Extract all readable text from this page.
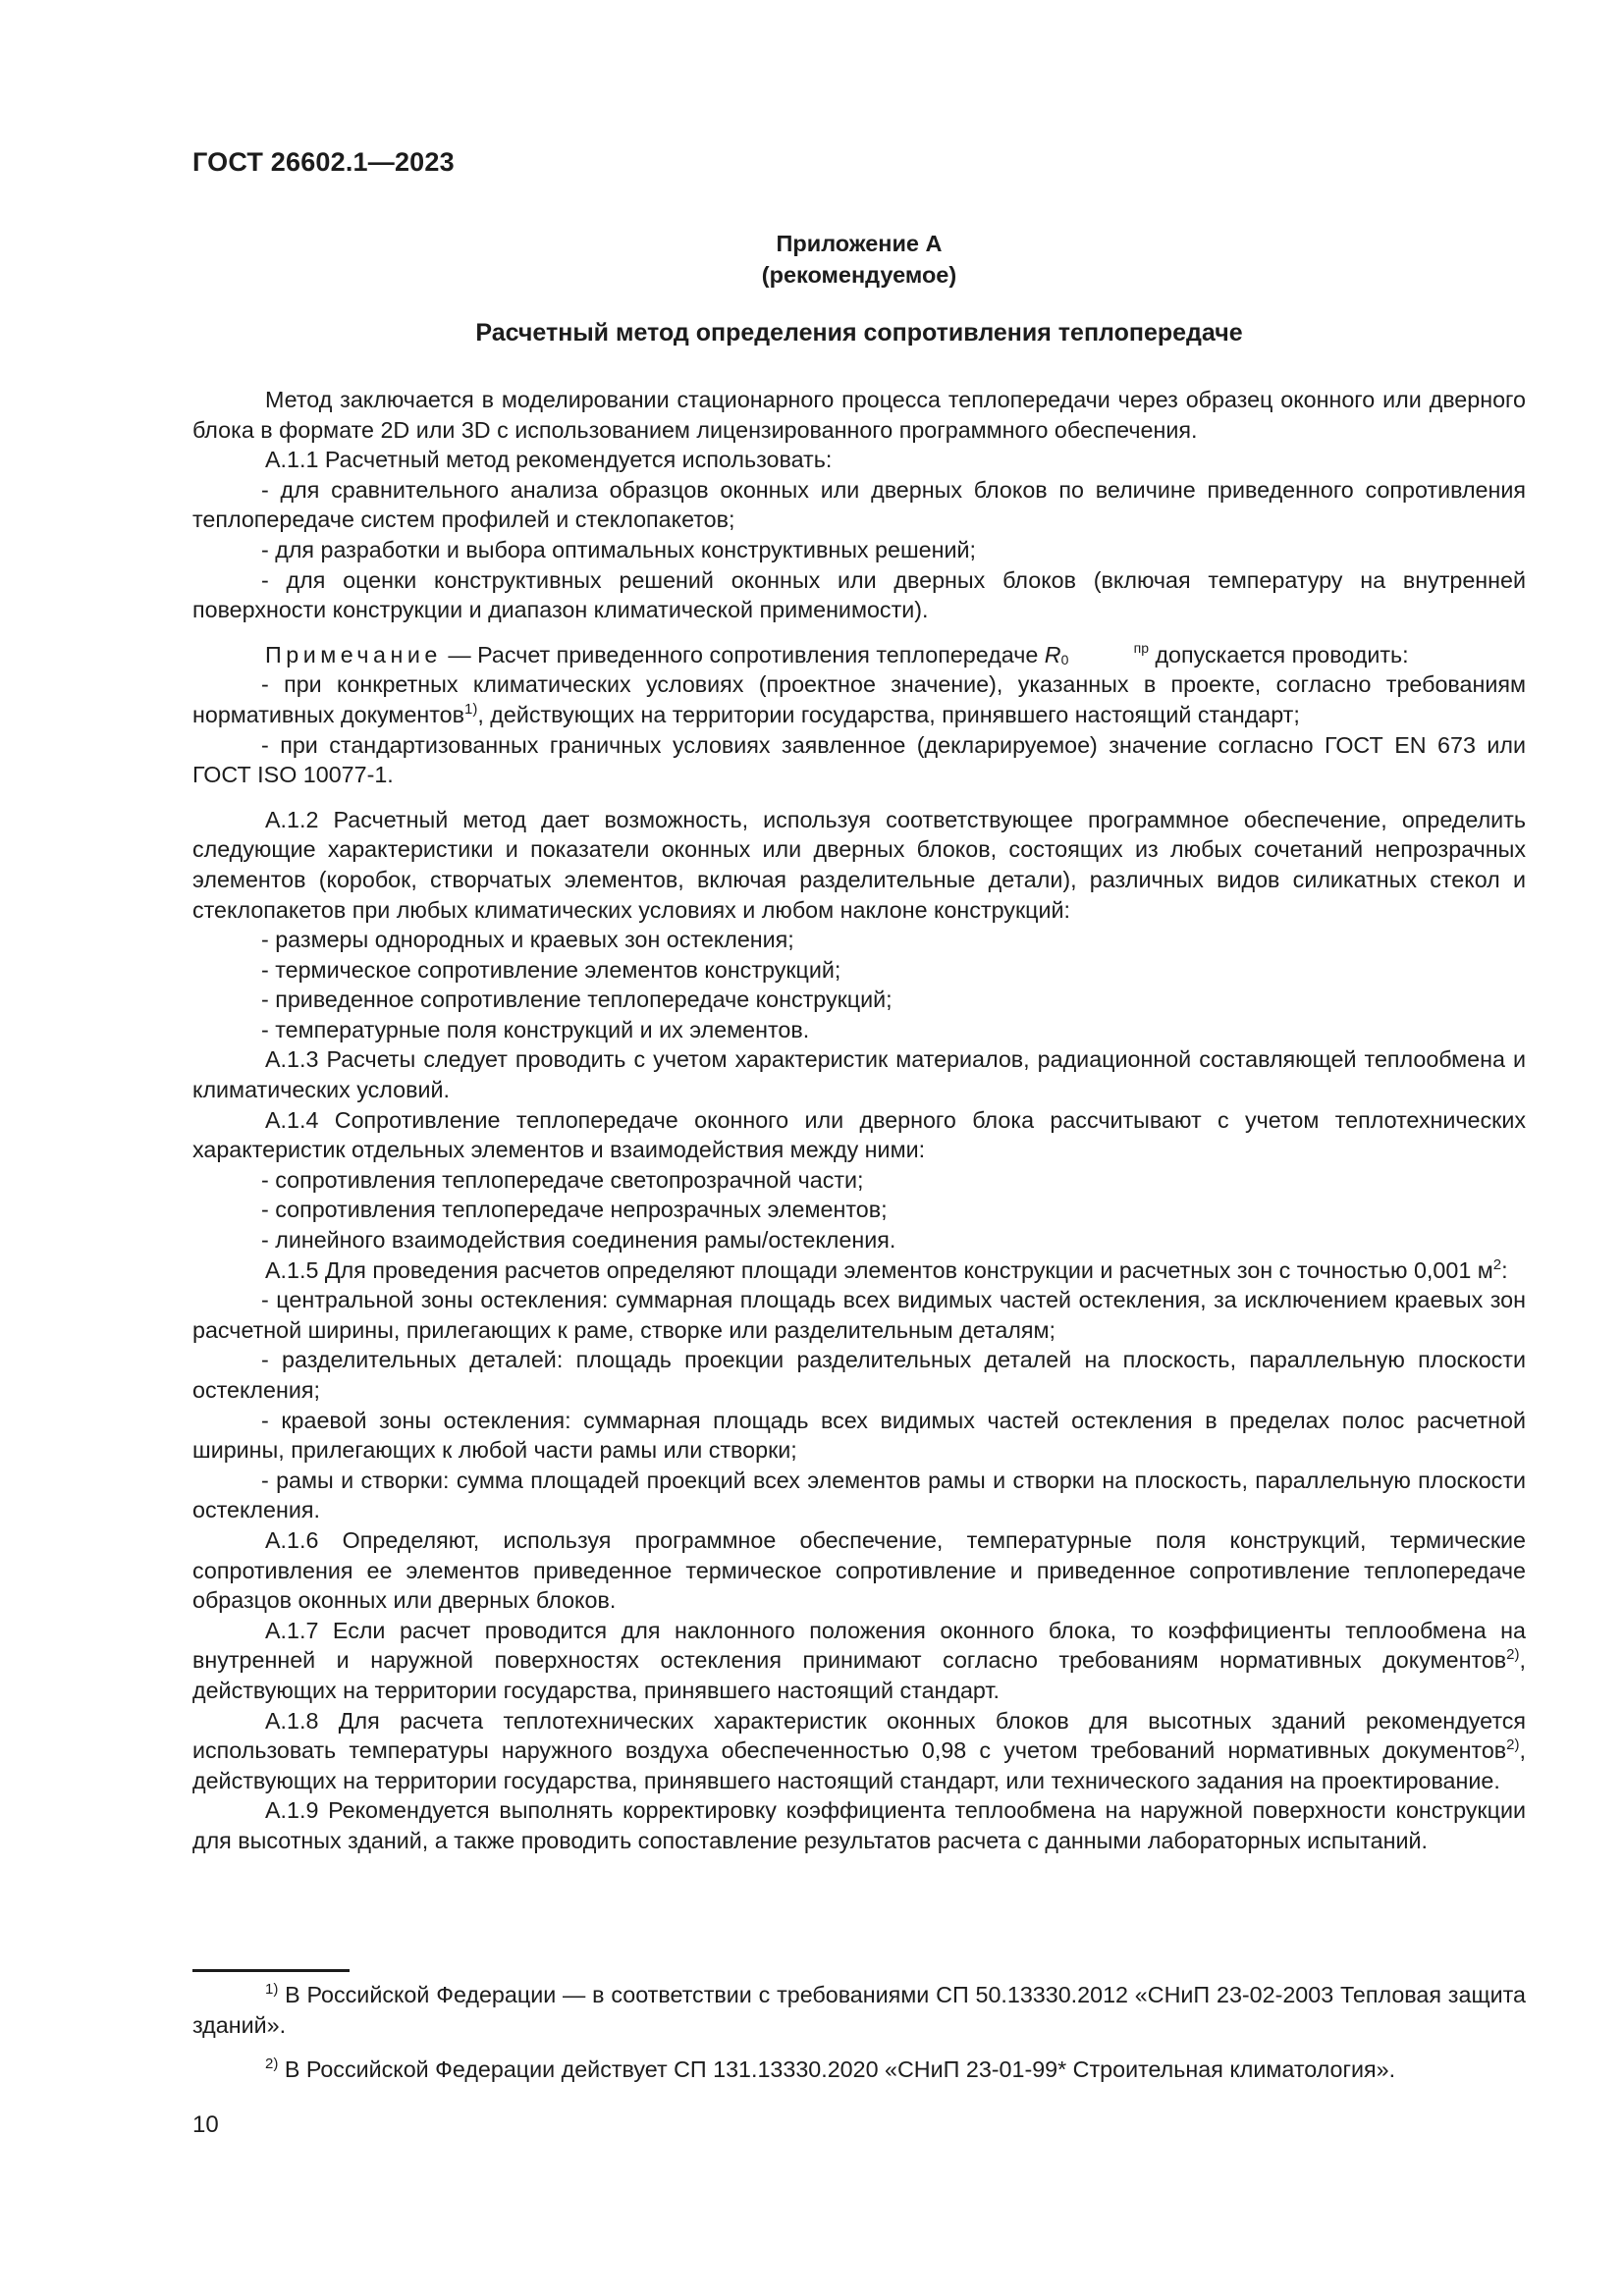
ГОСТ 26602.1—2023
Приложение А
(рекомендуемое)
Расчетный метод определения сопротивления теплопередаче

Метод заключается в моделировании стационарного процесса теплопередачи через образец оконного или дверного блока в формате 2D или 3D с использованием лицензированного программного обеспечения.

А.1.1 Расчетный метод рекомендуется использовать:

- для сравнительного анализа образцов оконных или дверных блоков по величине приведенного сопротивления теплопередаче систем профилей и стеклопакетов;

- для разработки и выбора оптимальных конструктивных решений;

- для оценки конструктивных решений оконных или дверных блоков (включая температуру на внутренней поверхности конструкции и диапазон климатической применимости).

Примечание — Расчет приведенного сопротивления теплопередаче R	пр
0	допускается проводить:

- при конкретных климатических условиях (проектное значение), указанных в проекте, согласно требованиям нормативных документов$^{1)}$, действующих на территории государства, принявшего настоящий стандарт;

- при стандартизованных граничных условиях заявленное (декларируемое) значение согласно ГОСТ EN 673 или ГОСТ ISO 10077-1.

А.1.2 Расчетный метод дает возможность, используя соответствующее программное обеспечение, определить следующие характеристики и показатели оконных или дверных блоков, состоящих из любых сочетаний непрозрачных элементов (коробок, створчатых элементов, включая разделительные детали), различных видов силикатных стекол и стеклопакетов при любых климатических условиях и любом наклоне конструкций:

- размеры однородных и краевых зон остекления;

- термическое сопротивление элементов конструкций;

- приведенное сопротивление теплопередаче конструкций;

- температурные поля конструкций и их элементов.

А.1.3 Расчеты следует проводить с учетом характеристик материалов, радиационной составляющей теплообмена и климатических условий.

А.1.4 Сопротивление теплопередаче оконного или дверного блока рассчитывают с учетом теплотехнических характеристик отдельных элементов и взаимодействия между ними:

- сопротивления теплопередаче светопрозрачной части;

- сопротивления теплопередаче непрозрачных элементов;

- линейного взаимодействия соединения рамы/остекления.

А.1.5 Для проведения расчетов определяют площади элементов конструкции и расчетных зон с точностью 0,001 $м^2$:

- центральной зоны остекления: суммарная площадь всех видимых частей остекления, за исключением краевых зон расчетной ширины, прилегающих к раме, створке или разделительным деталям;

- разделительных деталей: площадь проекции разделительных деталей на плоскость, параллельную плоскости остекления;

- краевой зоны остекления: суммарная площадь всех видимых частей остекления в пределах полос расчетной ширины, прилегающих к любой части рамы или створки;

- рамы и створки: сумма площадей проекций всех элементов рамы и створки на плоскость, параллельную плоскости остекления.

А.1.6 Определяют, используя программное обеспечение, температурные поля конструкций, термические сопротивления ее элементов приведенное термическое сопротивление и приведенное сопротивление теплопередаче образцов оконных или дверных блоков.

А.1.7 Если расчет проводится для наклонного положения оконного блока, то коэффициенты теплообмена на внутренней и наружной поверхностях остекления принимают согласно требованиям нормативных документов$^{2)}$, действующих на территории государства, принявшего настоящий стандарт.

А.1.8 Для расчета теплотехнических характеристик оконных блоков для высотных зданий рекомендуется использовать температуры наружного воздуха обеспеченностью 0,98 с учетом требований нормативных документов$^{2)}$, действующих на территории государства, принявшего настоящий стандарт, или технического задания на проектирование.

А.1.9 Рекомендуется выполнять корректировку коэффициента теплообмена на наружной поверхности конструкции для высотных зданий, а также проводить сопоставление результатов расчета с данными лабораторных испытаний.

$^{1)}$ В Российской Федерации — в соответствии с требованиями СП 50.13330.2012 «СНиП 23-02-2003 Тепловая защита зданий».

$^{2)}$ В Российской Федерации действует СП 131.13330.2020 «СНиП 23-01-99* Строительная климатология».

10
